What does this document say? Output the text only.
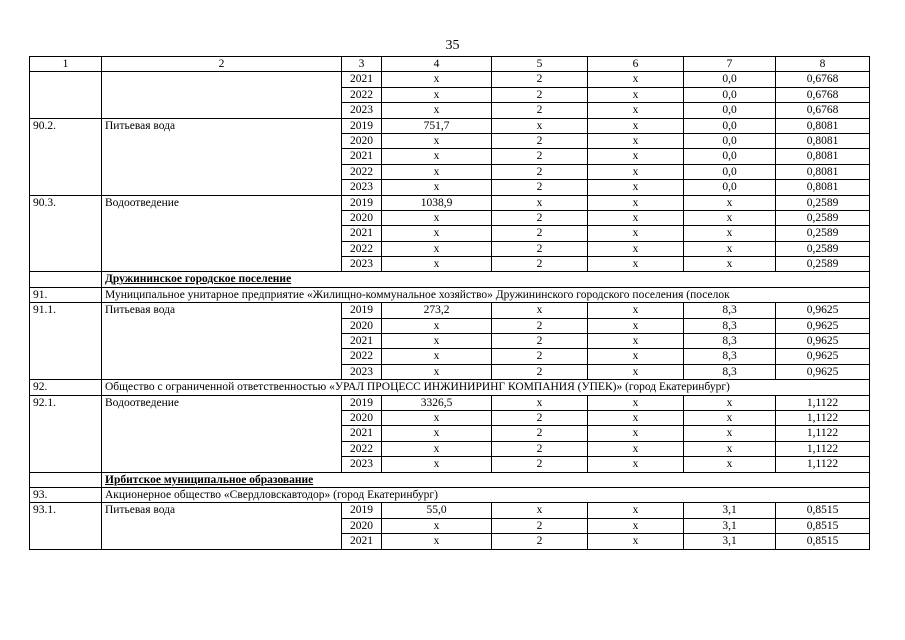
35
1	2	3	4	5	6	7	8
		2021	x	2	x	0,0	0,6768
		2022	x	2	x	0,0	0,6768
		2023	x	2	x	0,0	0,6768
90.2.	Питьевая вода	2019	751,7	x	x	0,0	0,8081
		2020	x	2	x	0,0	0,8081
		2021	x	2	x	0,0	0,8081
		2022	x	2	x	0,0	0,8081
		2023	x	2	x	0,0	0,8081
90.3.	Водоотведение	2019	1038,9	x	x	x	0,2589
		2020	x	2	x	x	0,2589
		2021	x	2	x	x	0,2589
		2022	x	2	x	x	0,2589
		2023	x	2	x	x	0,2589
	Дружининское городское поселение						
91.	Муниципальное унитарное предприятие «Жилищно-коммунальное хозяйство» Дружининского городского поселения (поселок						
91.1.	Питьевая вода	2019	273,2	x	x	8,3	0,9625
		2020	x	2	x	8,3	0,9625
		2021	x	2	x	8,3	0,9625
		2022	x	2	x	8,3	0,9625
		2023	x	2	x	8,3	0,9625
92.	Общество с ограниченной ответственностью «УРАЛ ПРОЦЕСС ИНЖИНИРИНГ КОМПАНИЯ (УПЕК)» (город Екатеринбург)						
92.1.	Водоотведение	2019	3326,5	x	x	x	1,1122
		2020	x	2	x	x	1,1122
		2021	x	2	x	x	1,1122
		2022	x	2	x	x	1,1122
		2023	x	2	x	x	1,1122
	Ирбитское муниципальное образование						
93.	Акционерное общество «Свердловскавтодор» (город Екатеринбург)						
93.1.	Питьевая вода	2019	55,0	x	x	3,1	0,8515
		2020	x	2	x	3,1	0,8515
		2021	x	2	x	3,1	0,8515
